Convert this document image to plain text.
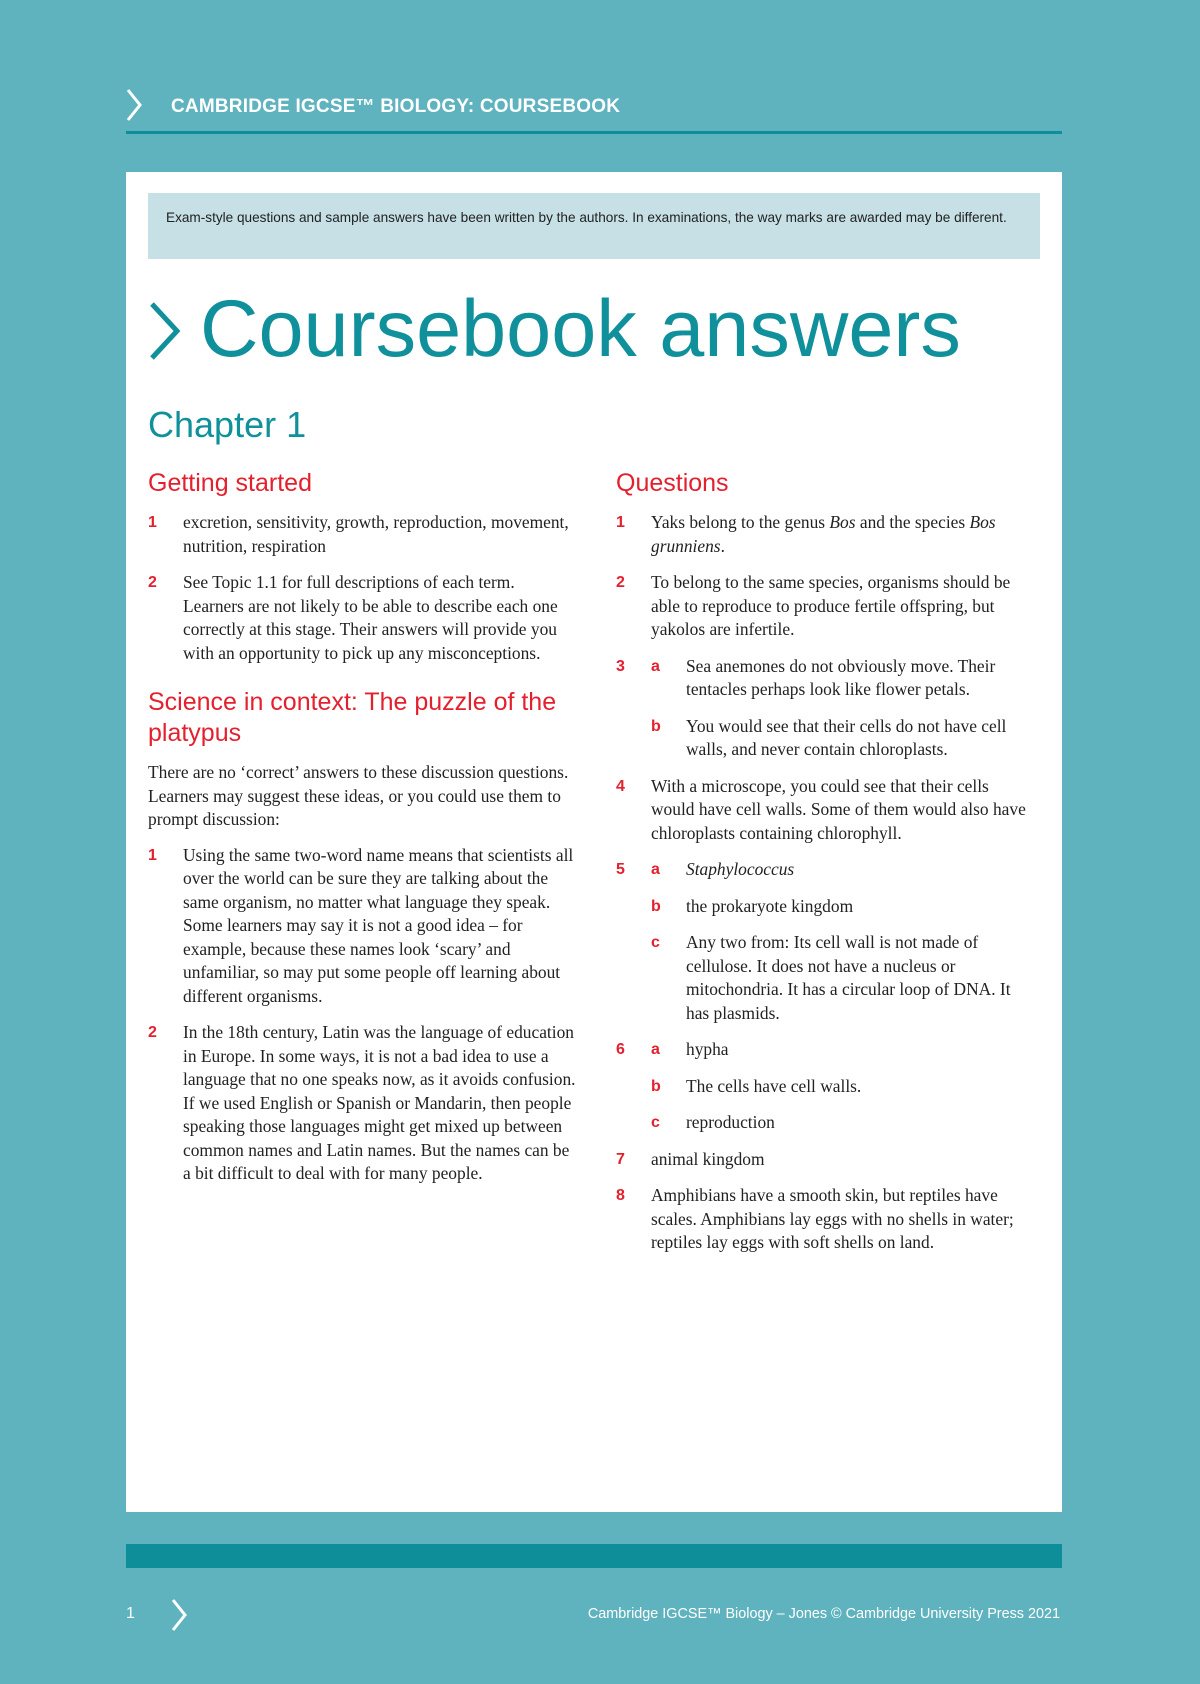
CAMBRIDGE IGCSE™ BIOLOGY: COURSEBOOK
Exam-style questions and sample answers have been written by the authors. In examinations, the way marks are awarded may be different.
Coursebook answers
Chapter 1
Getting started
1	excretion, sensitivity, growth, reproduction, movement, nutrition, respiration
2	See Topic 1.1 for full descriptions of each term. Learners are not likely to be able to describe each one correctly at this stage. Their answers will provide you with an opportunity to pick up any misconceptions.
Science in context: The puzzle of the platypus

There are no ‘correct’ answers to these discussion questions. Learners may suggest these ideas, or you could use them to prompt discussion:

1	Using the same two-word name means that scientists all over the world can be sure they are talking about the same organism, no matter what language they speak. Some learners may say it is not a good idea – for example, because these names look ‘scary’ and unfamiliar, so may put some people off learning about different organisms.
2	In the 18th century, Latin was the language of education in Europe. In some ways, it is not a bad idea to use a language that no one speaks now, as it avoids confusion. If we used English or Spanish or Mandarin, then people speaking those languages might get mixed up between common names and Latin names. But the names can be a bit difficult to deal with for many people.
Questions
1	Yaks belong to the genus Bos and the species Bos grunniens.
2	To belong to the same species, organisms should be able to reproduce to produce fertile offspring, but yakolos are infertile.
3	a	Sea anemones do not obviously move. Their tentacles perhaps look like flower petals.
b	You would see that their cells do not have cell walls, and never contain chloroplasts.
4	With a microscope, you could see that their cells would have cell walls. Some of them would also have chloroplasts containing chlorophyll.
5	a	Staphylococcus
b	the prokaryote kingdom
c	Any two from: Its cell wall is not made of cellulose. It does not have a nucleus or mitochondria. It has a circular loop of DNA. It has plasmids.
6	a	hypha
b	The cells have cell walls.
c	reproduction
7	animal kingdom
8	Amphibians have a smooth skin, but reptiles have scales. Amphibians lay eggs with no shells in water; reptiles lay eggs with soft shells on land.
1	Cambridge IGCSE™ Biology – Jones © Cambridge University Press 2021
